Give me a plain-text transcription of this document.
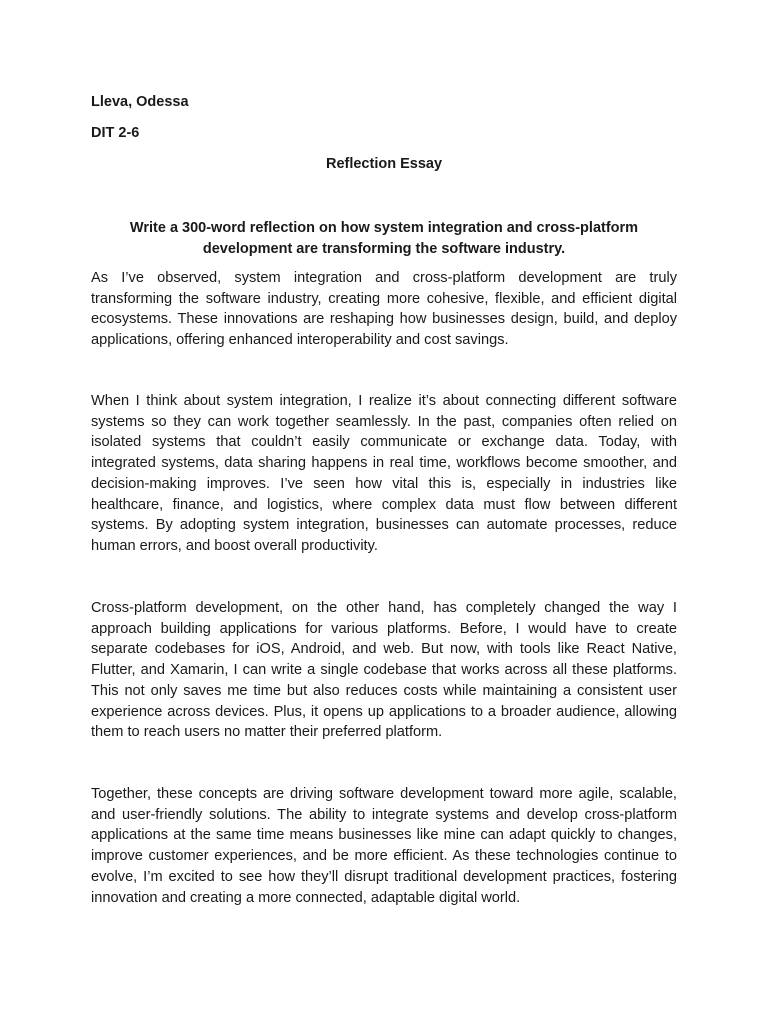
Lleva, Odessa
DIT 2-6
Reflection Essay
Write a 300-word reflection on how system integration and cross-platform development are transforming the software industry.

As I’ve observed, system integration and cross-platform development are truly transforming the software industry, creating more cohesive, flexible, and efficient digital ecosystems. These innovations are reshaping how businesses design, build, and deploy applications, offering enhanced interoperability and cost savings.

When I think about system integration, I realize it’s about connecting different software systems so they can work together seamlessly. In the past, companies often relied on isolated systems that couldn’t easily communicate or exchange data. Today, with integrated systems, data sharing happens in real time, workflows become smoother, and decision-making improves. I’ve seen how vital this is, especially in industries like healthcare, finance, and logistics, where complex data must flow between different systems. By adopting system integration, businesses can automate processes, reduce human errors, and boost overall productivity.

Cross-platform development, on the other hand, has completely changed the way I approach building applications for various platforms. Before, I would have to create separate codebases for iOS, Android, and web. But now, with tools like React Native, Flutter, and Xamarin, I can write a single codebase that works across all these platforms. This not only saves me time but also reduces costs while maintaining a consistent user experience across devices. Plus, it opens up applications to a broader audience, allowing them to reach users no matter their preferred platform.

Together, these concepts are driving software development toward more agile, scalable, and user-friendly solutions. The ability to integrate systems and develop cross-platform applications at the same time means businesses like mine can adapt quickly to changes, improve customer experiences, and be more efficient. As these technologies continue to evolve, I’m excited to see how they’ll disrupt traditional development practices, fostering innovation and creating a more connected, adaptable digital world.
